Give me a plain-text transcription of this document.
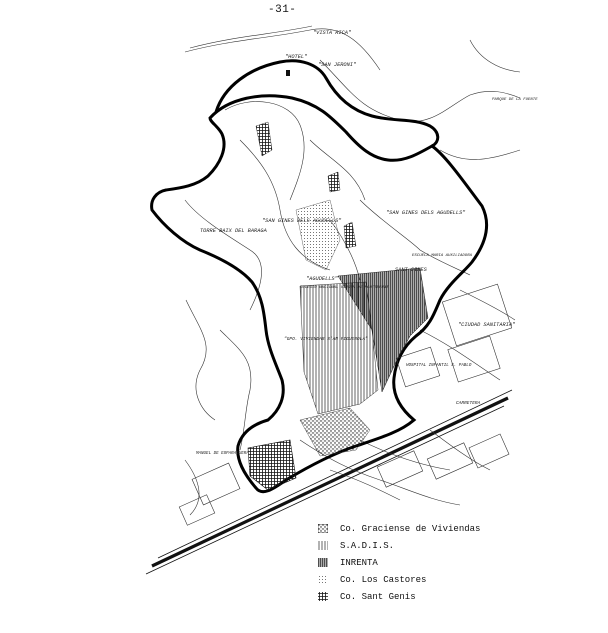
-31-
"VISTA RICA"
"HOTEL"
"SAN JERONI"
"SAN GINES DELS AGUDELLS"
"SAN GINES DELS AGUDELLS"
TORRE BAIX DEL BARAGA
"AGUDELLS"
COLEGIO NACIONAL VIRGEN DE MONTSERRAT
SANT GINES
ESCUELA MARIA AUXILIADORA
"GPO. VIVIENDAS S'AN FIGUEROLA"
"CIUDAD SANITARIA"
HOSPITAL INFANTIL S. PABLO
MANUEL DE ESPARAGUERA
PARQUE DE LA FUENTE
CARRETERA
Co. Graciense de Viviendas
S.A.D.I.S.
INRENTA
Co. Los Castores
Co. Sant Genis
